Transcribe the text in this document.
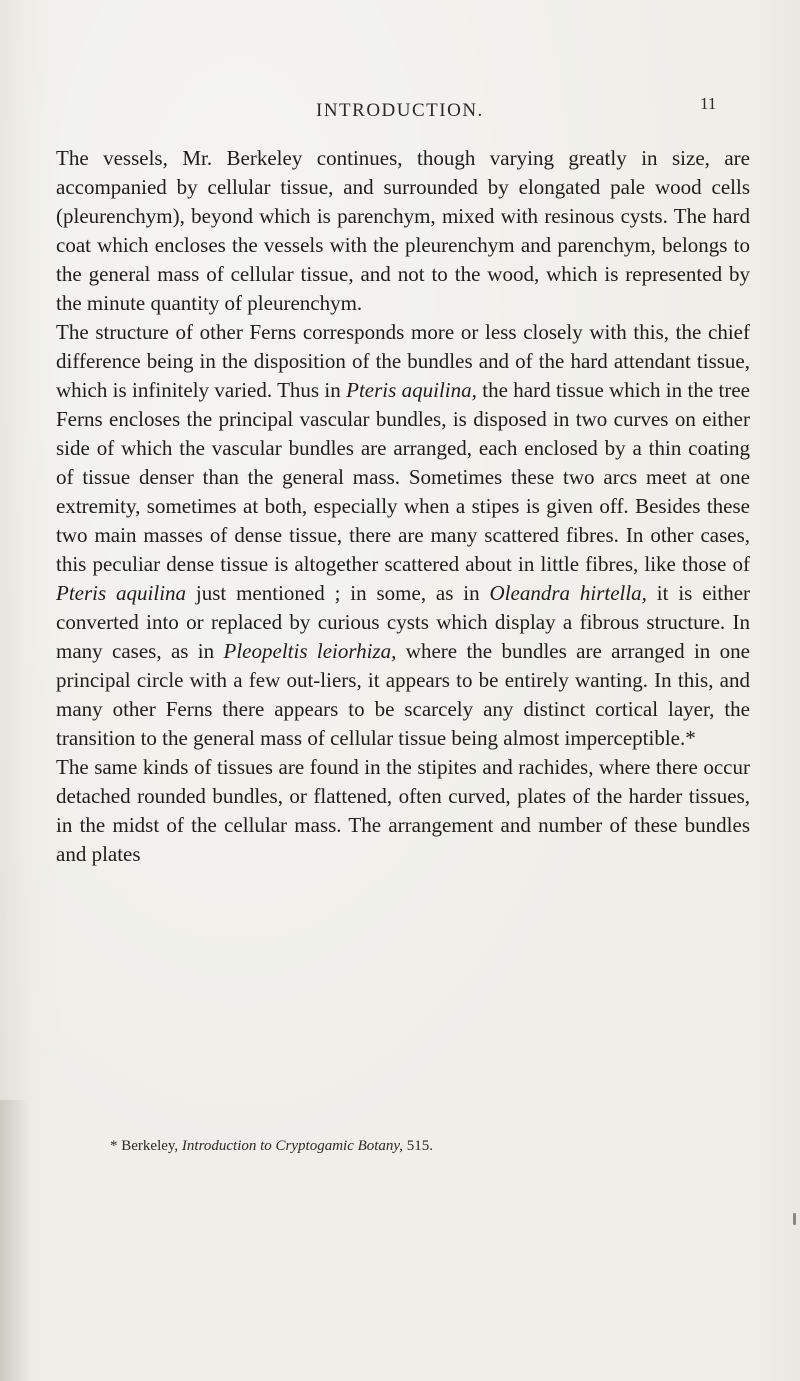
INTRODUCTION.	11

The vessels, Mr. Berkeley continues, though varying greatly in size, are accompanied by cellular tissue, and surrounded by elongated pale wood cells (pleurenchym), beyond which is parenchym, mixed with resinous cysts. The hard coat which encloses the vessels with the pleurenchym and parenchym, belongs to the general mass of cellular tissue, and not to the wood, which is represented by the minute quantity of pleurenchym.

The structure of other Ferns corresponds more or less closely with this, the chief difference being in the disposition of the bundles and of the hard attendant tissue, which is infinitely varied. Thus in Pteris aquilina, the hard tissue which in the tree Ferns encloses the principal vascular bundles, is disposed in two curves on either side of which the vascular bundles are arranged, each enclosed by a thin coating of tissue denser than the general mass. Sometimes these two arcs meet at one extremity, sometimes at both, especially when a stipes is given off. Besides these two main masses of dense tissue, there are many scattered fibres. In other cases, this peculiar dense tissue is altogether scattered about in little fibres, like those of Pteris aquilina just mentioned ; in some, as in Oleandra hirtella, it is either converted into or replaced by curious cysts which display a fibrous structure. In many cases, as in Pleopeltis leiorhiza, where the bundles are arranged in one principal circle with a few out-liers, it appears to be entirely wanting. In this, and many other Ferns there appears to be scarcely any distinct cortical layer, the transition to the general mass of cellular tissue being almost imperceptible.*

The same kinds of tissues are found in the stipites and rachides, where there occur detached rounded bundles, or flattened, often curved, plates of the harder tissues, in the midst of the cellular mass. The arrangement and number of these bundles and plates

* Berkeley, Introduction to Cryptogamic Botany, 515.
